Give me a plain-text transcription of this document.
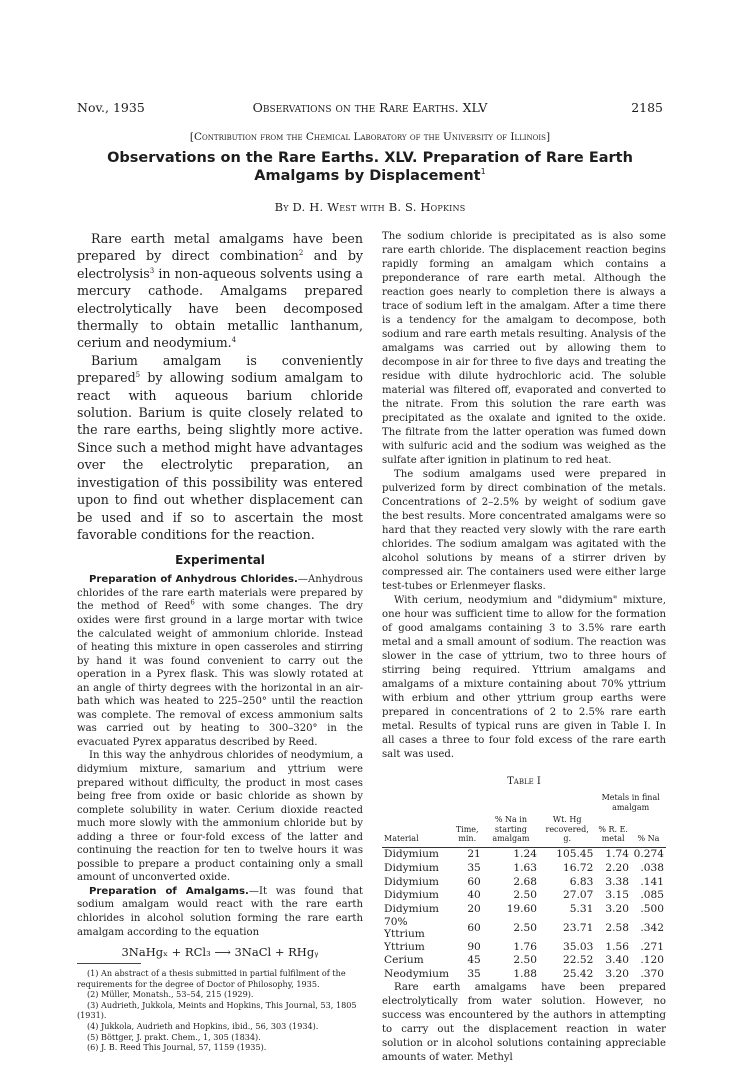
Nov., 1935	Observations on the Rare Earths. XLV	2185
[Contribution from the Chemical Laboratory of the University of Illinois]
Observations on the Rare Earths. XLV. Preparation of Rare Earth Amalgams by Displacement$^1$
By D. H. West with B. S. Hopkins

Rare earth metal amalgams have been prepared by direct combination$^2$ and by electrolysis$^3$ in non-aqueous solvents using a mercury cathode. Amalgams prepared electrolytically have been decomposed thermally to obtain metallic lanthanum, cerium and neodymium.$^4$

Barium amalgam is conveniently prepared$^5$ by allowing sodium amalgam to react with aqueous barium chloride solution. Barium is quite closely related to the rare earths, being slightly more active. Since such a method might have advantages over the electrolytic preparation, an investigation of this possibility was entered upon to find out whether displacement can be used and if so to ascertain the most favorable conditions for the reaction.

Experimental

Preparation of Anhydrous Chlorides.—Anhydrous chlorides of the rare earth materials were prepared by the method of Reed$^6$ with some changes. The dry oxides were first ground in a large mortar with twice the calculated weight of ammonium chloride. Instead of heating this mixture in open casseroles and stirring by hand it was found convenient to carry out the operation in a Pyrex flask. This was slowly rotated at an angle of thirty degrees with the horizontal in an air-bath which was heated to 225–250° until the reaction was complete. The removal of excess ammonium salts was carried out by heating to 300–320° in the evacuated Pyrex apparatus described by Reed.

In this way the anhydrous chlorides of neodymium, a didymium mixture, samarium and yttrium were prepared without difficulty, the product in most cases being free from oxide or basic chloride as shown by complete solubility in water. Cerium dioxide reacted much more slowly with the ammonium chloride but by adding a three or four-fold excess of the latter and continuing the reaction for ten to twelve hours it was possible to prepare a product containing only a small amount of unconverted oxide.

Preparation of Amalgams.—It was found that sodium amalgam would react with the rare earth chlorides in alcohol solution forming the rare earth amalgam according to the equation

3NaHgₓ + RCl₃ ⟶ 3NaCl + RHgᵧ
(1) An abstract of a thesis submitted in partial fulfilment of the requirements for the degree of Doctor of Philosophy, 1935.
(2) Müller, Monatsh., 53–54, 215 (1929).
(3) Audrieth, Jukkola, Meints and Hopkins, This Journal, 53, 1805 (1931).
(4) Jukkola, Audrieth and Hopkins, ibid., 56, 303 (1934).
(5) Böttger, J. prakt. Chem., 1, 305 (1834).
(6) J. B. Reed This Journal, 57, 1159 (1935).

The sodium chloride is precipitated as is also some rare earth chloride. The displacement reaction begins rapidly forming an amalgam which contains a preponderance of rare earth metal. Although the reaction goes nearly to completion there is always a trace of sodium left in the amalgam. After a time there is a tendency for the amalgam to decompose, both sodium and rare earth metals resulting. Analysis of the amalgams was carried out by allowing them to decompose in air for three to five days and treating the residue with dilute hydrochloric acid. The soluble material was filtered off, evaporated and converted to the nitrate. From this solution the rare earth was precipitated as the oxalate and ignited to the oxide. The filtrate from the latter operation was fumed down with sulfuric acid and the sodium was weighed as the sulfate after ignition in platinum to red heat.

The sodium amalgams used were prepared in pulverized form by direct combination of the metals. Concentrations of 2–2.5% by weight of sodium gave the best results. More concentrated amalgams were so hard that they reacted very slowly with the rare earth chlorides. The sodium amalgam was agitated with the alcohol solutions by means of a stirrer driven by compressed air. The containers used were either large test-tubes or Erlenmeyer flasks.

With cerium, neodymium and "didymium" mixture, one hour was sufficient time to allow for the formation of good amalgams containing 3 to 3.5% rare earth metal and a small amount of sodium. The reaction was slower in the case of yttrium, two to three hours of stirring being required. Yttrium amalgams and amalgams of a mixture containing about 70% yttrium with erbium and other yttrium group earths were prepared in concentrations of 2 to 2.5% rare earth metal. Results of typical runs are given in Table I. In all cases a three to four fold excess of the rare earth salt was used.

Table I
				Metals in final amalgam	
Material	Time, min.	% Na in starting amalgam	Wt. Hg recovered, g.	% R. E. metal	% Na
Didymium	21	1.24	105.45	1.74	0.274
Didymium	35	1.63	16.72	2.20	.038
Didymium	60	2.68	6.83	3.38	.141
Didymium	40	2.50	27.07	3.15	.085
Didymium	20	19.60	5.31	3.20	.500
70% Yttrium	60	2.50	23.71	2.58	.342
Yttrium	90	1.76	35.03	1.56	.271
Cerium	45	2.50	22.52	3.40	.120
Neodymium	35	1.88	25.42	3.20	.370

Rare earth amalgams have been prepared electrolytically from water solution. However, no success was encountered by the authors in attempting to carry out the displacement reaction in water solution or in alcohol solutions containing appreciable amounts of water. Methyl
